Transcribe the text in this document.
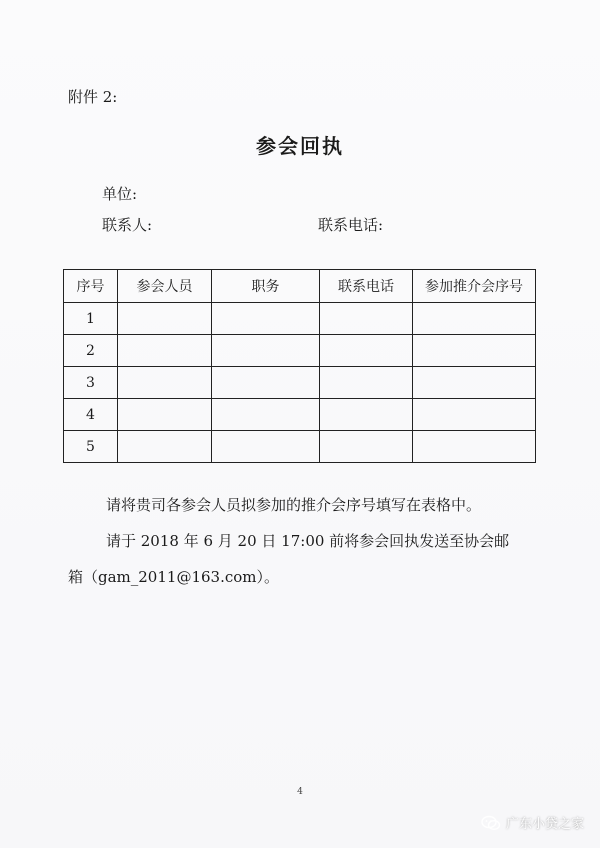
附件 2:
参会回执
单位:
联系人:	联系电话:
序号	参会人员	职务	联系电话	参加推介会序号
1				
2				
3				
4				
5				
请将贵司各参会人员拟参加的推介会序号填写在表格中。
请于 2018 年 6 月 20 日 17:00 前将参会回执发送至协会邮
箱（gam_2011@163.com）。
4
广东小贷之家
